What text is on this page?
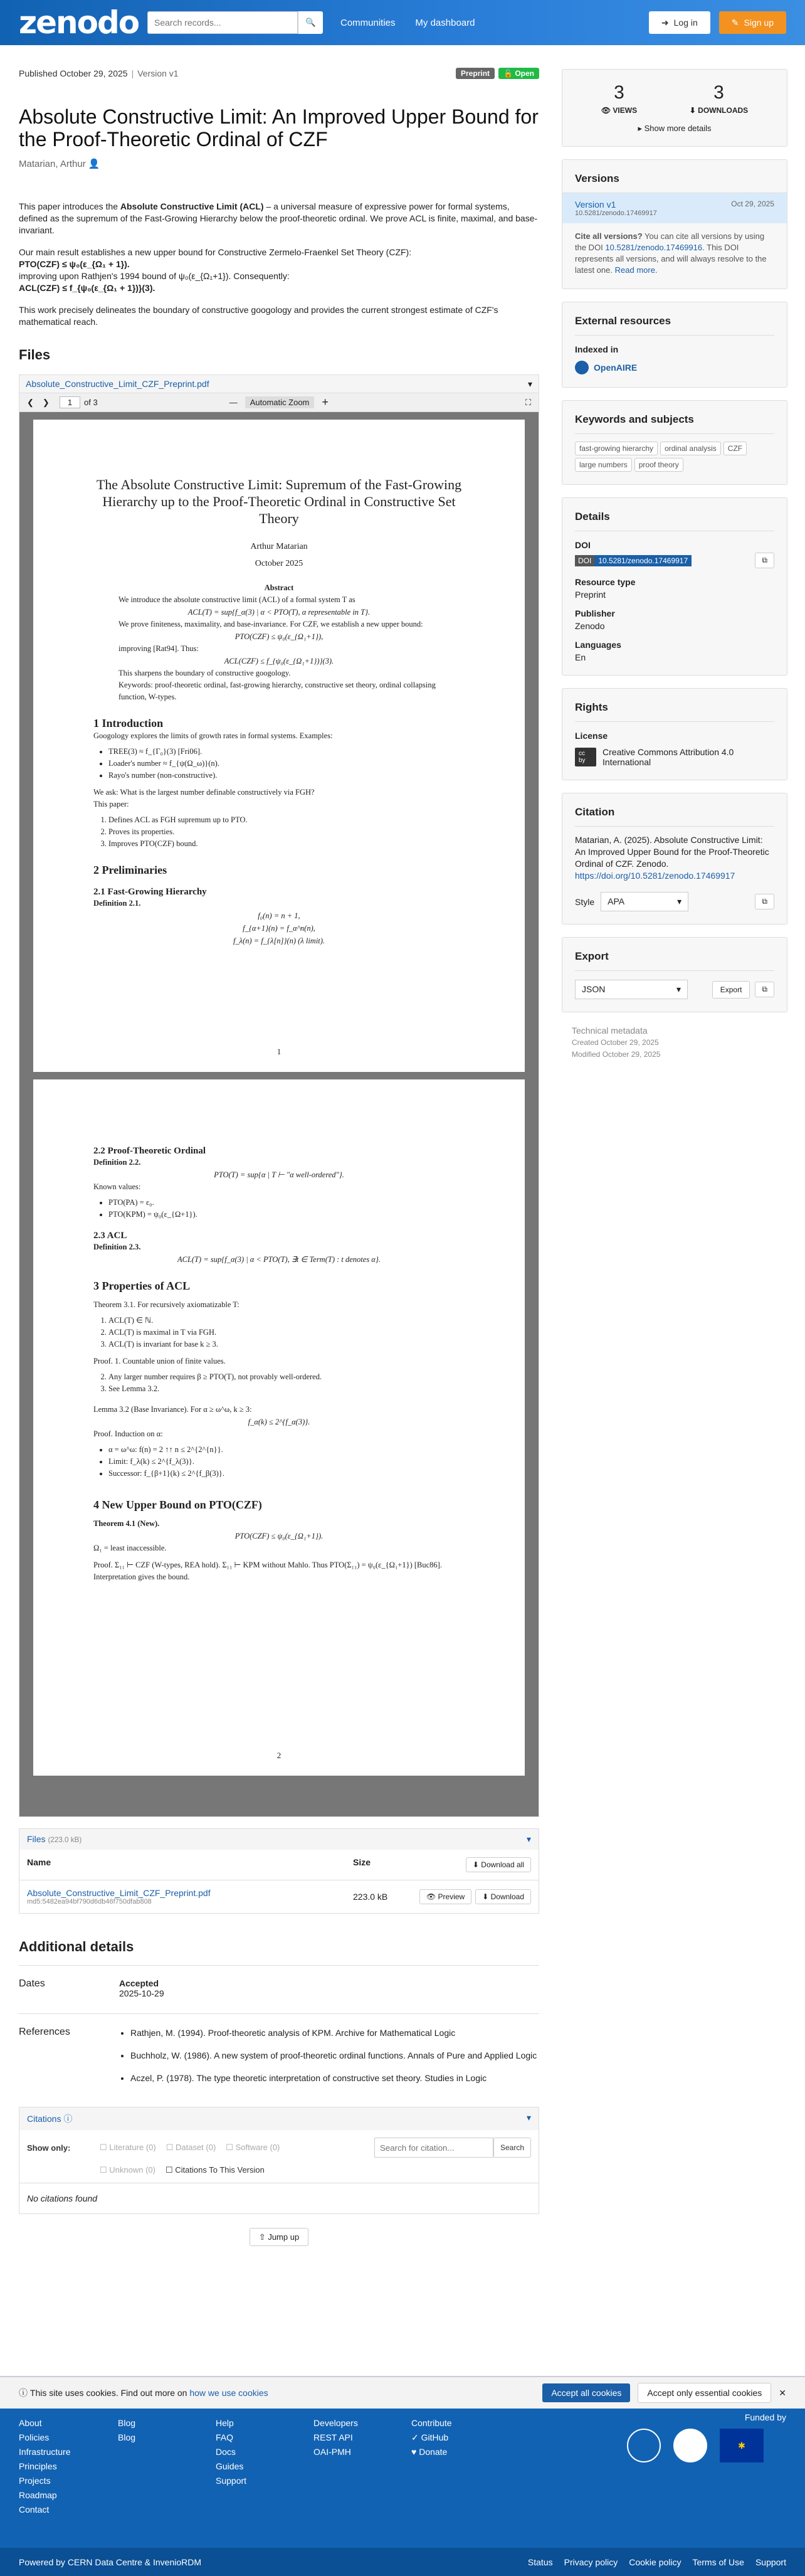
zenodo
Search records...	🔍	Communities My dashboard	➜ Log in	✎ Sign up
Published October 29, 2025 | Version v1	Preprint	🔓 Open
Absolute Constructive Limit: An Improved Upper Bound for the Proof-Theoretic Ordinal of CZF
Matarian, Arthur 👤

This paper introduces the Absolute Constructive Limit (ACL) – a universal measure of expressive power for formal systems, defined as the supremum of the Fast-Growing Hierarchy below the proof-theoretic ordinal. We prove ACL is finite, maximal, and base-invariant.

Our main result establishes a new upper bound for Constructive Zermelo-Fraenkel Set Theory (CZF):
PTO(CZF) ≤ ψ₀(ε_{Ω₁ + 1}).
improving upon Rathjen's 1994 bound of ψ₀(ε_{Ω₁+1}). Consequently:
ACL(CZF) ≤ f_{ψ₀(ε_{Ω₁ + 1})}(3).

This work precisely delineates the boundary of constructive googology and provides the current strongest estimate of CZF's mathematical reach.

Files
Absolute_Constructive_Limit_CZF_Preprint.pdf	▾
❮ ❯	1	of 3	—	Automatic Zoom	+	⛶
The Absolute Constructive Limit: Supremum of the Fast-Growing Hierarchy up to the Proof-Theoretic Ordinal in Constructive Set Theory

Arthur Matarian

October 2025

Abstract

We introduce the absolute constructive limit (ACL) of a formal system T as

ACL(T) = sup{f_α(3) | α < PTO(T), α representable in T}.

We prove finiteness, maximality, and base-invariance. For CZF, we establish a new upper bound:

PTO(CZF) ≤ ψ₀(ε_{Ω₁+1}),

improving [Rat94]. Thus:

ACL(CZF) ≤ f_{ψ₀(ε_{Ω₁+1})}(3).

This sharpens the boundary of constructive googology.

Keywords: proof-theoretic ordinal, fast-growing hierarchy, constructive set theory, ordinal collapsing function, W-types.

1 Introduction

Googology explores the limits of growth rates in formal systems. Examples:

• TREE(3) ≈ f_{Γ₀}(3) [Fri06].
• Loader's number ≈ f_{ψ(Ω_ω)}(n).
• Rayo's number (non-constructive).

We ask: What is the largest number definable constructively via FGH?

This paper:

1. Defines ACL as FGH supremum up to PTO.
2. Proves its properties.
3. Improves PTO(CZF) bound.
2 Preliminaries
2.1 Fast-Growing Hierarchy

Definition 2.1.

f₀(n) = n + 1,

f_{α+1}(n) = f_α^n(n),

f_λ(n) = f_{λ[n]}(n) (λ limit).

1
2.2 Proof-Theoretic Ordinal

Definition 2.2.

PTO(T) = sup{α | T ⊢ "α well-ordered"}.

Known values:

• PTO(PA) = ε₀.
• PTO(KPM) = ψ₀(ε_{Ω+1}).
2.3 ACL

Definition 2.3.

ACL(T) = sup{f_α(3) | α < PTO(T), ∃t ∈ Term(T) : t denotes α}.

3 Properties of ACL

Theorem 3.1. For recursively axiomatizable T:

1. ACL(T) ∈ ℕ.
2. ACL(T) is maximal in T via FGH.
3. ACL(T) is invariant for base k ≥ 3.

Proof. 1. Countable union of finite values.

2. Any larger number requires β ≥ PTO(T), not provably well-ordered.
3. See Lemma 3.2.

Lemma 3.2 (Base Invariance). For α ≥ ω^ω, k ≥ 3:

f_α(k) ≤ 2^{f_α(3)}.

Proof. Induction on α:

• α = ω^ω: f(n) = 2 ↑↑ n ≤ 2^{2^{n}}.
• Limit: f_λ(k) ≤ 2^{f_λ(3)}.
• Successor: f_{β+1}(k) ≤ 2^{f_β(3)}.
4 New Upper Bound on PTO(CZF)

Theorem 4.1 (New).

PTO(CZF) ≤ ψ₀(ε_{Ω₁+1}).

Ω₁ = least inaccessible.

Proof. Σ₁₁ ⊢ CZF (W-types, REA hold). Σ₁₁ ⊢ KPM without Mahlo. Thus PTO(Σ₁₁) = ψ₀(ε_{Ω₁+1}) [Buc86]. Interpretation gives the bound.

2
Files (223.0 kB)	▾
Name	Size	⬇ Download all
Absolute_Constructive_Limit_CZF_Preprint.pdf
md5:5482ea94bf790d6db46f750dfab808	223.0 kB	👁 Preview	⬇ Download
Additional details
Dates	Accepted
2025-10-29
References
•	Rathjen, M. (1994). Proof-theoretic analysis of KPM. Archive for Mathematical Logic
• Buchholz, W. (1986). A new system of proof-theoretic ordinal functions. Annals of Pure and Applied Logic
• Aczel, P. (1978). The type theoretic interpretation of constructive set theory. Studies in Logic
Citations ⓘ	▾
Show only:	☐ Literature (0) ☐ Dataset (0) ☐ Software (0)
Search for citation...	Search
☐ Unknown (0) ☐ Citations To This Version
No citations found
⇧ Jump up
3
👁 VIEWS
3
⬇ DOWNLOADS
▸ Show more details
Versions
Version v1
10.5281/zenodo.17469917
Oct 29, 2025

Cite all versions? You can cite all versions by using the DOI 10.5281/zenodo.17469916. This DOI represents all versions, and will always resolve to the latest one. Read more.

External resources
Indexed in
OpenAIRE
Keywords and subjects
fast-growing hierarchy ordinal analysis CZFlarge numbers proof theory
Details
DOI
DOI 10.5281/zenodo.17469917	⧉
Resource type
Preprint
Publisher
Zenodo
Languages
En
Rights
License
cc by
Creative Commons Attribution 4.0 International
Citation

Matarian, A. (2025). Absolute Constructive Limit: An Improved Upper Bound for the Proof-Theoretic Ordinal of CZF. Zenodo. https://doi.org/10.5281/zenodo.17469917

Style APA	▾	⧉
Export
JSON	▾	Export	⧉
Technical metadata
Created October 29, 2025
Modified October 29, 2025
ⓘ
This site uses cookies. Find out more on
how we use cookies	Accept all cookies	Accept only essential cookies	✕
About
Policies
Infrastructure
Principles
Projects
Roadmap
Contact
Blog
Blog
Help
FAQ
Docs
Guides
Support
Developers
REST API
OAI-PMH
Contribute
✓ GitHub
♥ Donate
✱
Funded by
Powered by CERN Data Centre & InvenioRDM	Status Privacy policy Cookie policy Terms of Use Support
